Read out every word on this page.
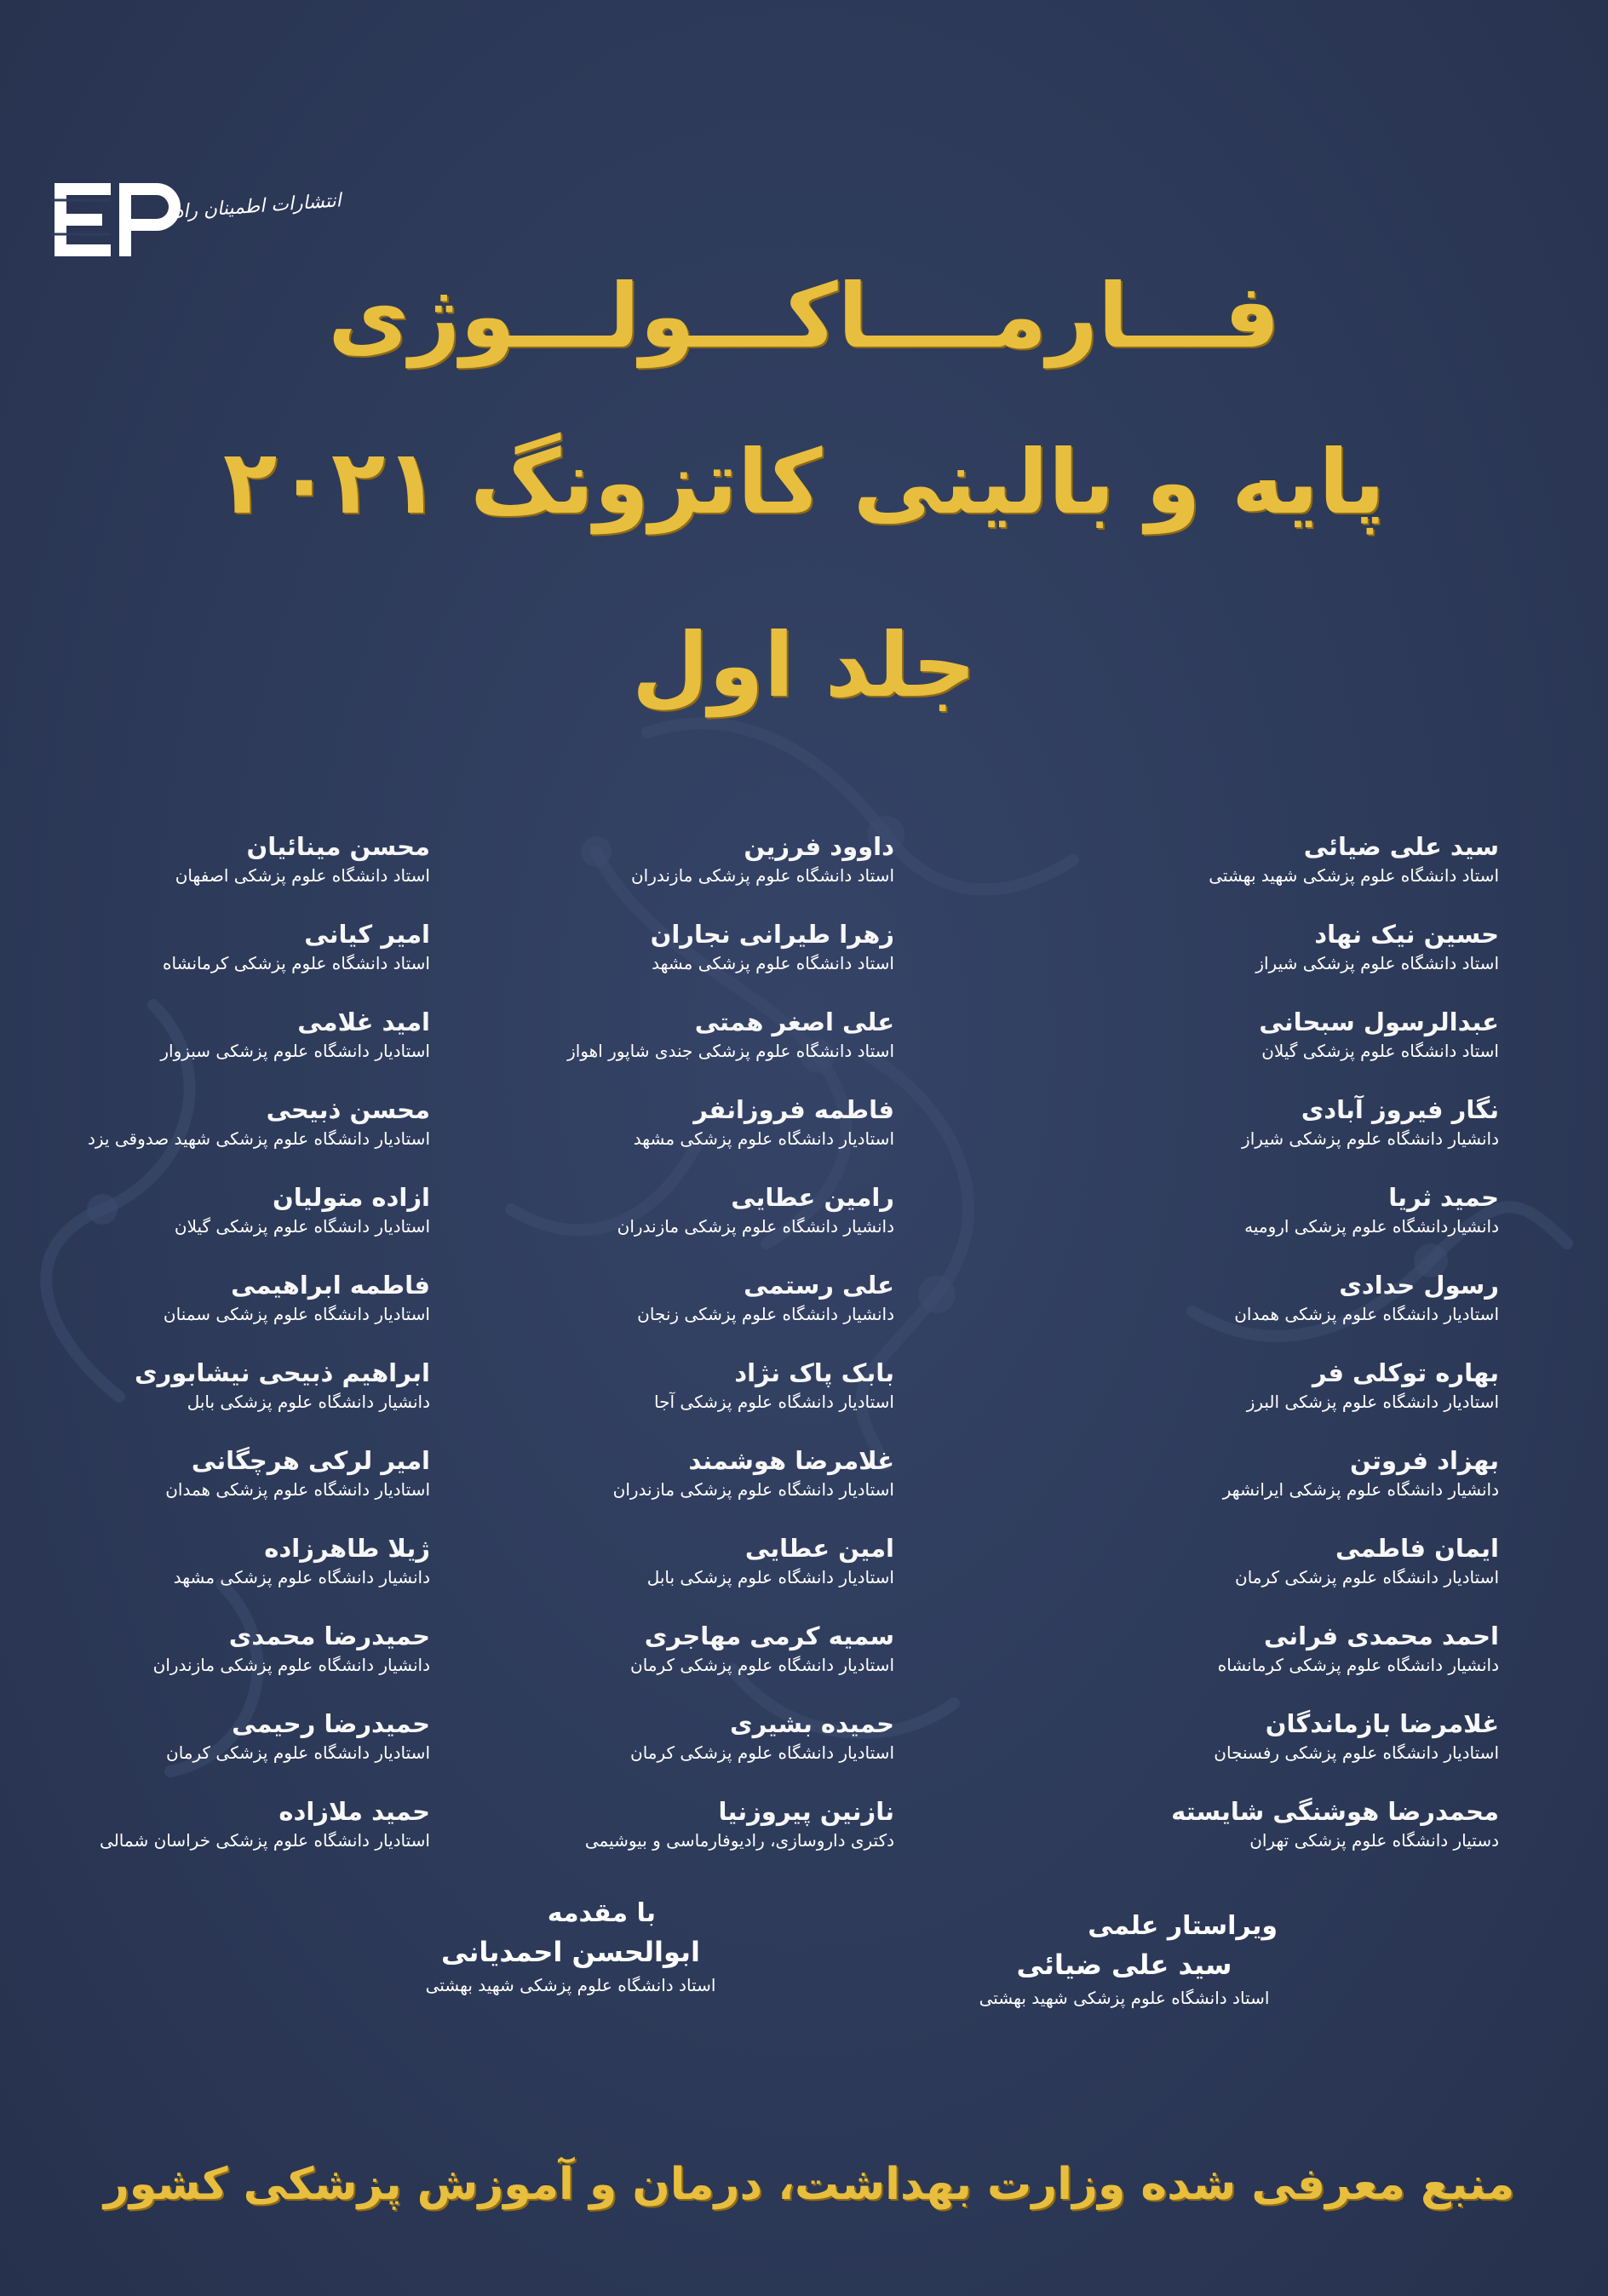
انتشارات اطمینان راد
فـــارمــــاكـــولـــوژی
پایه و بالینی کاتزونگ ۲۰۲۱
جلد اول
سید علی ضیائی
استاد دانشگاه علوم پزشکی شهید بهشتی
حسین نیک نهاد
استاد دانشگاه علوم پزشکی شیراز
عبدالرسول سبحانی
استاد دانشگاه علوم پزشکی گیلان
نگار فیروز آبادی
دانشیار دانشگاه علوم پزشکی شیراز
حمید ثریا
دانشیاردانشگاه علوم پزشکی ارومیه
رسول حدادی
استادیار دانشگاه علوم پزشکی همدان
بهاره توکلی فر
استادیار دانشگاه علوم پزشکی البرز
بهزاد فروتن
دانشیار دانشگاه علوم پزشکی ایرانشهر
ایمان فاطمی
استادیار دانشگاه علوم پزشکی کرمان
احمد محمدی فرانی
دانشیار دانشگاه علوم پزشکی کرمانشاه
غلامرضا بازماندگان
استادیار دانشگاه علوم پزشکی رفسنجان
محمدرضا هوشنگی شایسته
دستیار دانشگاه علوم پزشکی تهران
داوود فرزین
استاد دانشگاه علوم پزشکی مازندران
زهرا طیرانی نجاران
استاد دانشگاه علوم پزشکی مشهد
علی اصغر همتی
استاد دانشگاه علوم پزشکی جندی شاپور اهواز
فاطمه فروزانفر
استادیار دانشگاه علوم پزشکی مشهد
رامین عطایی
دانشیار دانشگاه علوم پزشکی مازندران
علی رستمی
دانشیار دانشگاه علوم پزشکی زنجان
بابک پاک نژاد
استادیار دانشگاه علوم پزشکی آجا
غلامرضا هوشمند
استادیار دانشگاه علوم پزشکی مازندران
امین عطایی
استادیار دانشگاه علوم پزشکی بابل
سمیه کرمی مهاجری
استادیار دانشگاه علوم پزشکی کرمان
حمیده بشیری
استادیار دانشگاه علوم پزشکی کرمان
نازنین پیروزنیا
دکتری داروسازی، رادیوفارماسی و بیوشیمی
محسن مینائیان
استاد دانشگاه علوم پزشکی اصفهان
امیر کیانی
استاد دانشگاه علوم پزشکی کرمانشاه
امید غلامی
استادیار دانشگاه علوم پزشکی سبزوار
محسن ذبیحی
استادیار دانشگاه علوم پزشکی شهید صدوقی یزد
ازاده متولیان
استادیار دانشگاه علوم پزشکی گیلان
فاطمه ابراهیمی
استادیار دانشگاه علوم پزشکی سمنان
ابراهیم ذبیحی نیشابوری
دانشیار دانشگاه علوم پزشکی بابل
امیر لرکی هرچگانی
استادیار دانشگاه علوم پزشکی همدان
ژیلا طاهرزاده
دانشیار دانشگاه علوم پزشکی مشهد
حمیدرضا محمدی
دانشیار دانشگاه علوم پزشکی مازندران
حمیدرضا رحیمی
استادیار دانشگاه علوم پزشکی کرمان
حمید ملازاده
استادیار دانشگاه علوم پزشکی خراسان شمالی
ویراستار علمی
سید علی ضیائی
استاد دانشگاه علوم پزشکی شهید بهشتی
با مقدمه
ابوالحسن احمدیانی
استاد دانشگاه علوم پزشکی شهید بهشتی
منبع معرفی شده وزارت بهداشت، درمان و آموزش پزشکی کشور
